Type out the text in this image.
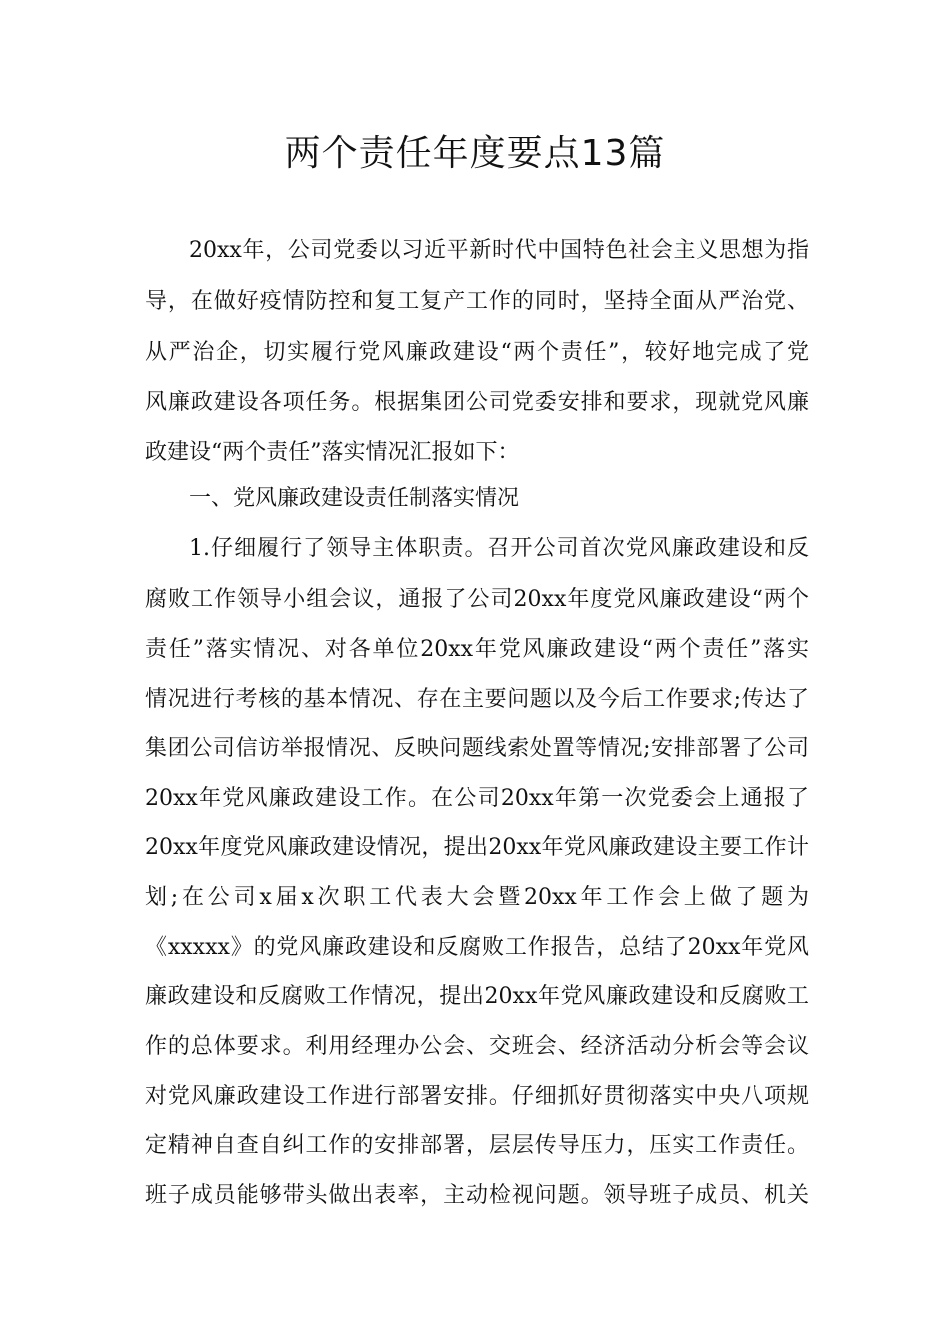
两个责任年度要点13篇
20xx年，公司党委以习近平新时代中国特色社会主义思想为指
导，在做好疫情防控和复工复产工作的同时，坚持全面从严治党、
从严治企，切实履行党风廉政建设“两个责任”，较好地完成了党
风廉政建设各项任务。根据集团公司党委安排和要求，现就党风廉
政建设“两个责任”落实情况汇报如下：
一、党风廉政建设责任制落实情况
1.仔细履行了领导主体职责。召开公司首次党风廉政建设和反
腐败工作领导小组会议，通报了公司20xx年度党风廉政建设“两个
责任”落实情况、对各单位20xx年党风廉政建设“两个责任”落实
情况进行考核的基本情况、存在主要问题以及今后工作要求;传达了
集团公司信访举报情况、反映问题线索处置等情况;安排部署了公司
20xx年党风廉政建设工作。在公司20xx年第一次党委会上通报了
20xx年度党风廉政建设情况，提出20xx年党风廉政建设主要工作计
划;在公司x届x次职工代表大会暨20xx年工作会上做了题为
《xxxxx》的党风廉政建设和反腐败工作报告，总结了20xx年党风
廉政建设和反腐败工作情况，提出20xx年党风廉政建设和反腐败工
作的总体要求。利用经理办公会、交班会、经济活动分析会等会议
对党风廉政建设工作进行部署安排。仔细抓好贯彻落实中央八项规
定精神自查自纠工作的安排部署，层层传导压力，压实工作责任。
班子成员能够带头做出表率，主动检视问题。领导班子成员、机关
